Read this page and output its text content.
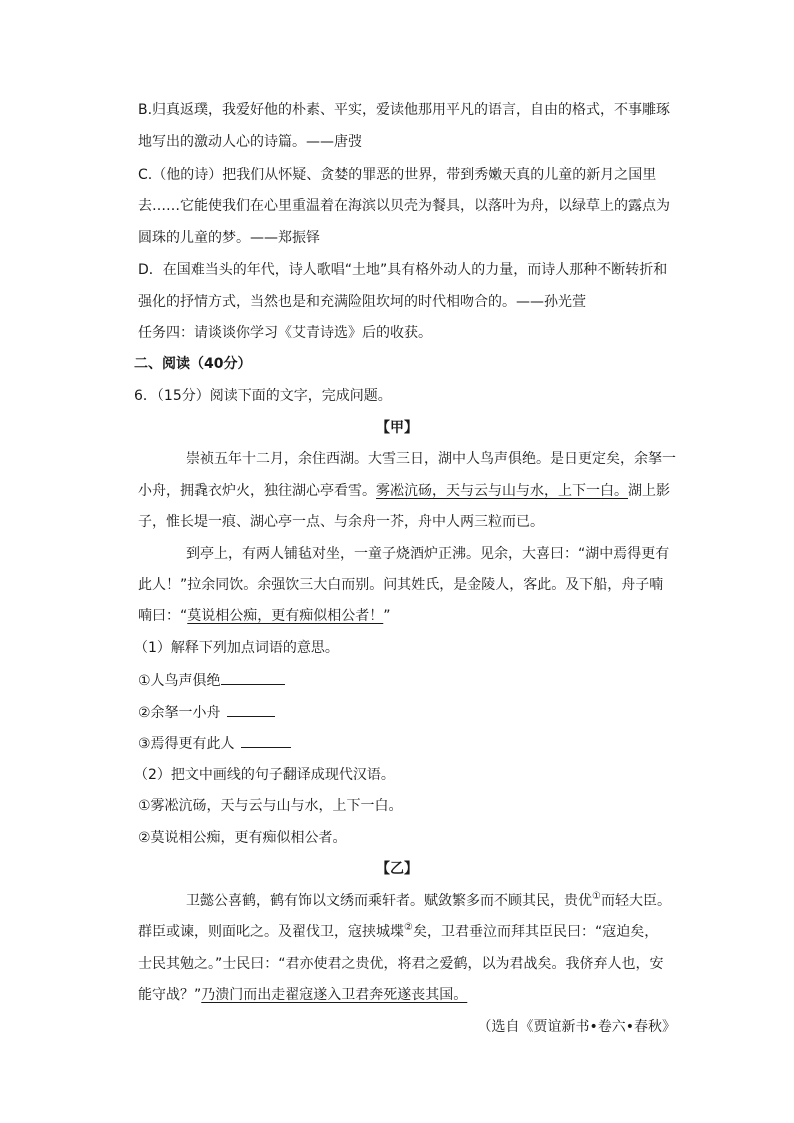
B.归真返璞，我爱好他的朴素、平实，爱读他那用平凡的语言，自由的格式，不事雕琢
地写出的激动人心的诗篇。——唐弢
C.（他的诗）把我们从怀疑、贪婪的罪恶的世界，带到秀嫩天真的儿童的新月之国里
去……它能使我们在心里重温着在海滨以贝壳为餐具，以落叶为舟，以绿草上的露点为
圆珠的儿童的梦。——郑振铎
D．在国难当头的年代，诗人歌唱“土地”具有格外动人的力量，而诗人那种不断转折和
强化的抒情方式，当然也是和充满险阻坎坷的时代相吻合的。——孙光萱
任务四：请谈谈你学习《艾青诗选》后的收获。
二、阅读（40分）
6．（15分）阅读下面的文字，完成问题。
【甲】
崇祯五年十二月，余住西湖。大雪三日，湖中人鸟声俱绝。是日更定矣，余拏一
小舟，拥毳衣炉火，独往湖心亭看雪。雾凇沆砀，天与云与山与水，上下一白。湖上影
子，惟长堤一痕、湖心亭一点、与余舟一芥，舟中人两三粒而已。
到亭上，有两人铺毡对坐，一童子烧酒炉正沸。见余，大喜曰：“湖中焉得更有
此人！”拉余同饮。余强饮三大白而别。问其姓氏，是金陵人，客此。及下船，舟子喃
喃曰：“莫说相公痴，更有痴似相公者！”
（1）解释下列加点词语的意思。
①人鸟声俱绝
②余拏一小舟
③焉得更有此人
（2）把文中画线的句子翻译成现代汉语。
①雾凇沆砀，天与云与山与水，上下一白。
②莫说相公痴，更有痴似相公者。
【乙】
卫懿公喜鹤，鹤有饰以文绣而乘轩者。赋敛繁多而不顾其民，贵优①而轻大臣。
群臣或谏，则面叱之。及翟伐卫，寇挟城堞②矣，卫君垂泣而拜其臣民曰：“寇迫矣，
士民其勉之。”士民曰：“君亦使君之贵优，将君之爱鹤，以为君战矣。我侪弃人也，安
能守战？”乃溃门而出走翟寇遂入卫君奔死遂丧其国。
（选自《贾谊新书•卷六•春秋》
